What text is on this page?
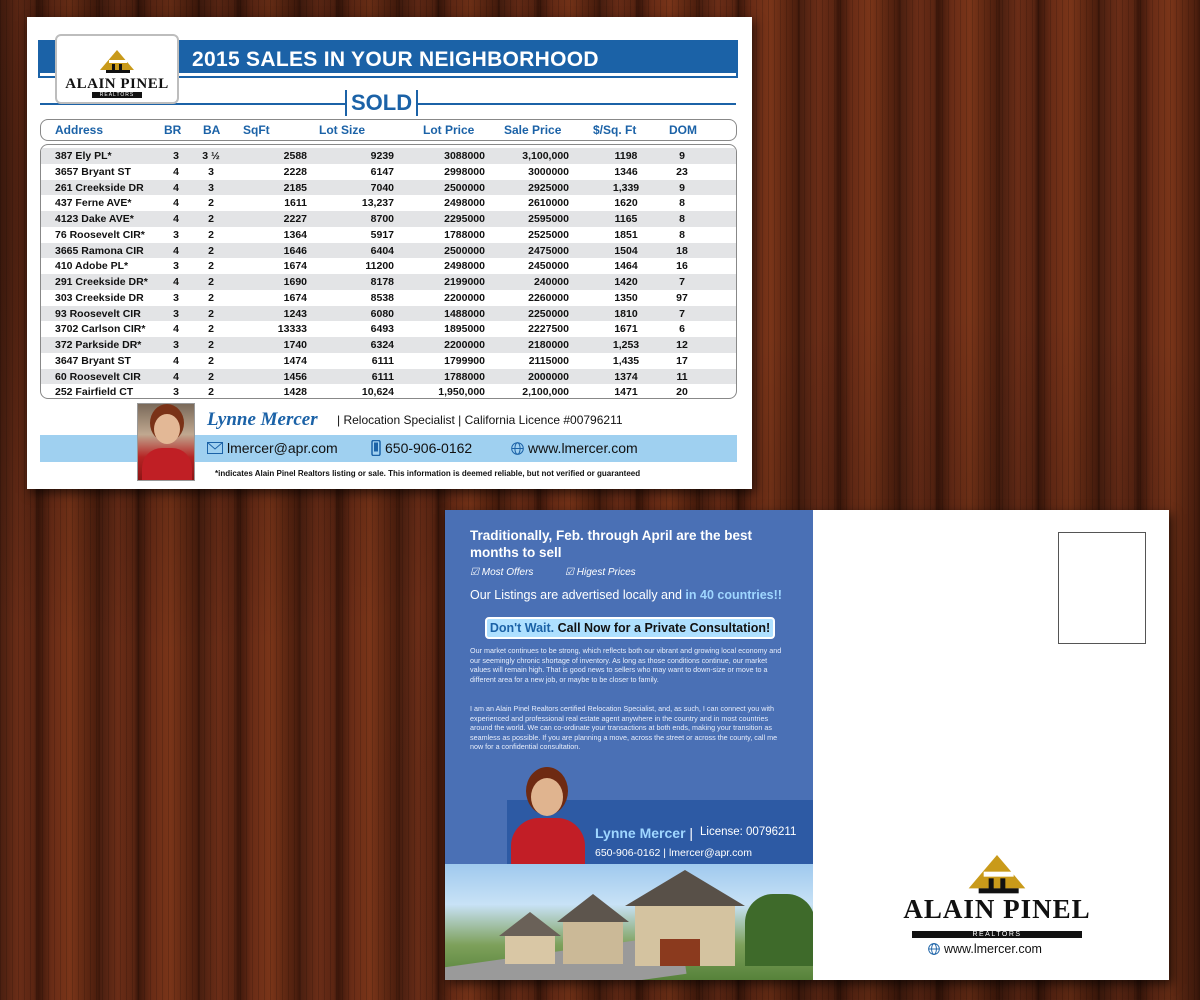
ALAIN PINEL
REALTORS
2015 SALES IN YOUR NEIGHBORHOOD
SOLD
Address	BR BA SqFt	Lot Size	Lot Price Sale Price	$/Sq. Ft	DOM
387 Ely PL*	3	3 ½	2588	9239	3088000	3,100,000	1198	9
3657 Bryant ST	4	3	2228	6147	2998000	3000000	1346	23
261 Creekside DR	4	3	2185	7040	2500000	2925000	1,339	9
437 Ferne AVE*	4	2	1611	13,237	2498000	2610000	1620	8
4123 Dake AVE*	4	2	2227	8700	2295000	2595000	1165	8
76 Roosevelt CIR*	3	2	1364	5917	1788000	2525000	1851	8
3665 Ramona CIR	4	2	1646	6404	2500000	2475000	1504	18
410 Adobe PL*	3	2	1674	11200	2498000	2450000	1464	16
291 Creekside DR*	4	2	1690	8178	2199000	240000	1420	7
303 Creekside DR	3	2	1674	8538	2200000	2260000	1350	97
93 Roosevelt CIR	3	2	1243	6080	1488000	2250000	1810	7
3702 Carlson CIR*	4	2	13333	6493	1895000	2227500	1671	6
372 Parkside DR*	3	2	1740	6324	2200000	2180000	1,253	12
3647 Bryant ST	4	2	1474	6111	1799900	2115000	1,435	17
60 Roosevelt CIR	4	2	1456	6111	1788000	2000000	1374	11
252 Fairfield CT	3	2	1428	10,624	1,950,000	2,100,000	1471	20
Lynne Mercer | Relocation Specialist | California Licence #00796211
lmercer@apr.com	650-906-0162	www.lmercer.com
*indicates Alain Pinel Realtors listing or sale. This information is deemed reliable, but not verified or guaranteed
Traditionally, Feb. through April are the best months to sell
☑ Most Offers	☑ Higest Prices
Our Listings are advertised locally and in 40 countries!!
Don't Wait. Call Now for a Private Consultation!
Our market continues to be strong, which reflects both our vibrant and growing local economy and our seemingly chronic shortage of inventory. As long as those conditions continue, our market values will remain high. That is good news to sellers who may want to down-size or move to a different area for a new job, or maybe to be closer to family.
I am an Alain Pinel Realtors certified Relocation Specialist, and, as such, I can connect you with experienced and professional real estate agent anywhere in the country and in most countries around the world. We can co-ordinate your transactions at both ends, making your transition as seamless as possible. If you are planning a move, across the street or across the county, call me now for a confidential consultation.
Lynne Mercer | License: 00796211
650-906-0162 | lmercer@apr.com
ALAIN PINEL
REALTORS
www.lmercer.com
